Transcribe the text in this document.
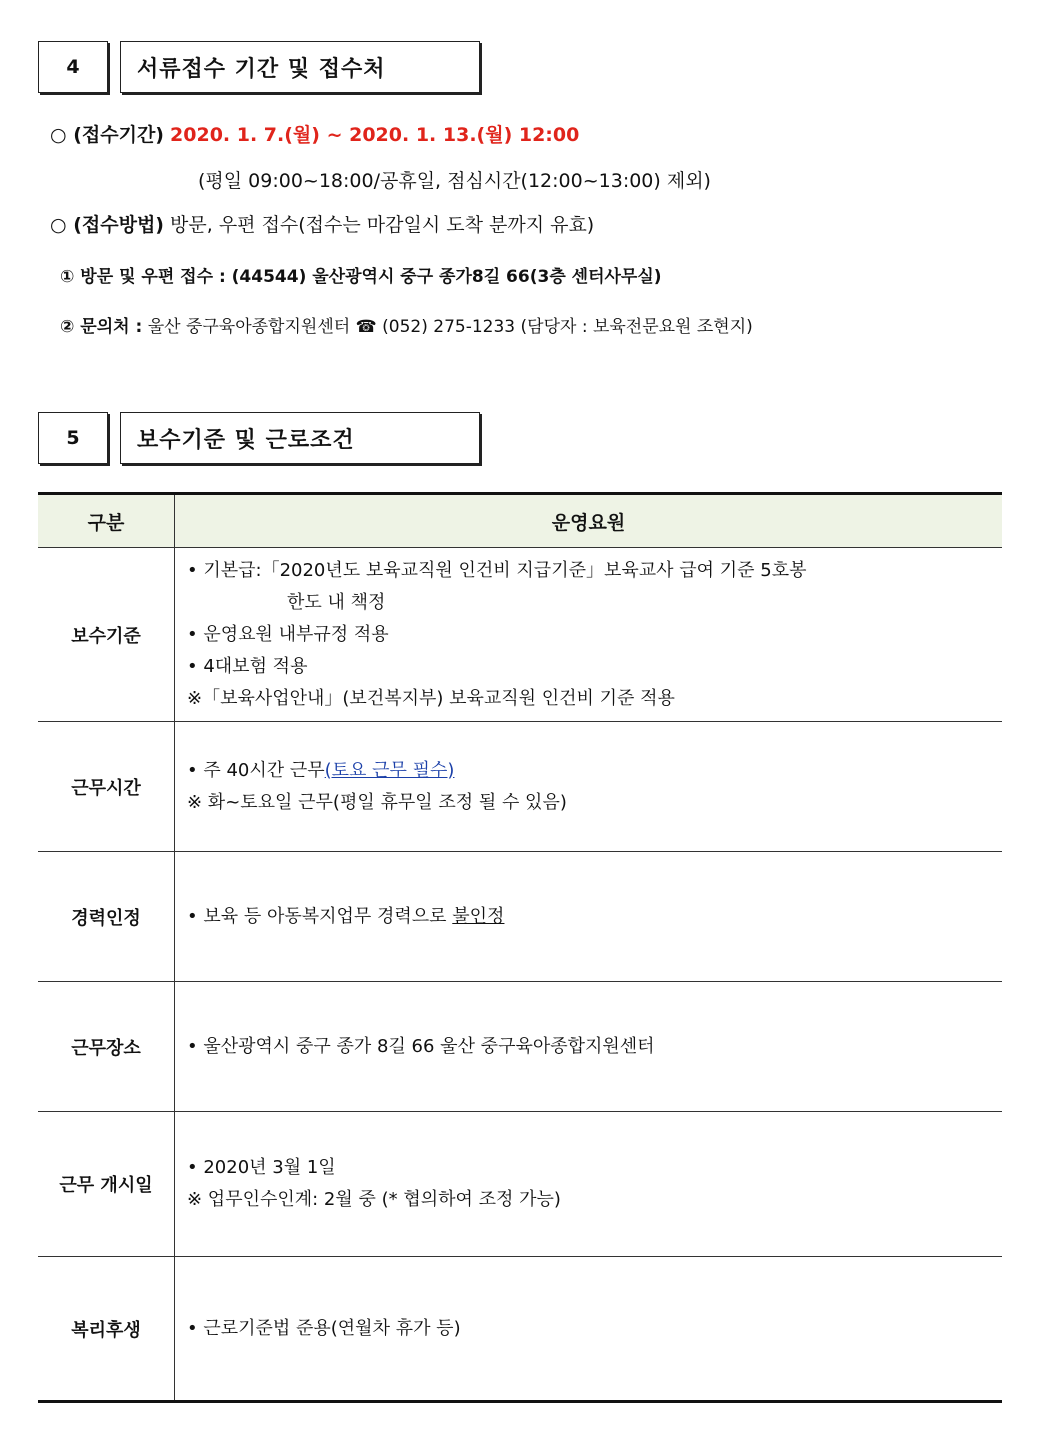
4	서류접수 기간 및 접수처
○ (접수기간) 2020. 1. 7.(월) ~ 2020. 1. 13.(월) 12:00
(평일 09:00~18:00/공휴일, 점심시간(12:00~13:00) 제외)
○ (접수방법) 방문, 우편 접수(접수는 마감일시 도착 분까지 유효)
① 방문 및 우편 접수 : (44544) 울산광역시 중구 종가8길 66(3층 센터사무실)
② 문의처 : 울산 중구육아종합지원센터 ☎ (052) 275-1233 (담당자 : 보육전문요원 조현지)
5	보수기준 및 근로조건
구분	운영요원
보수기준	• 기본급:「2020년도 보육교직원 인건비 지급기준」보육교사 급여 기준 5호봉
한도 내 책정
• 운영요원 내부규정 적용
• 4대보험 적용
※「보육사업안내」(보건복지부) 보육교직원 인건비 기준 적용

근무시간	• 주 40시간 근무(토요 근무 필수)
※ 화~토요일 근무(평일 휴무일 조정 될 수 있음)

경력인정	• 보육 등 아동복지업무 경력으로 불인정

근무장소	• 울산광역시 중구 종가 8길 66 울산 중구육아종합지원센터

근무 개시일	• 2020년 3월 1일
※ 업무인수인계: 2월 중 (* 협의하여 조정 가능)

복리후생	• 근로기준법 준용(연월차 휴가 등)
